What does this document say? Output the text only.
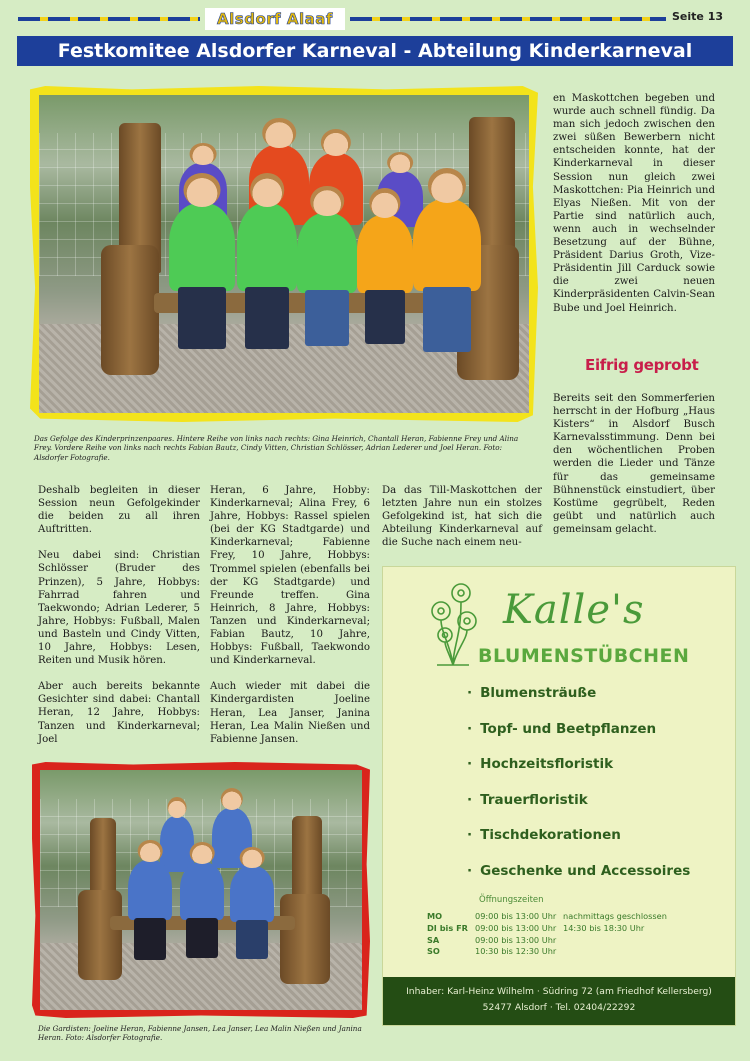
Alsdorf Alaaf	Seite 13
Festkomitee Alsdorfer Karneval - Abteilung Kinderkarneval
Das Gefolge des Kinderprinzenpaares. Hintere Reihe von links nach rechts: Gina Heinrich, Chantall Heran, Fabienne Frey und Alina Frey. Vordere Reihe von links nach rechts Fabian Bautz, Cindy Vitten, Christian Schlösser, Adrian Lederer und Joel Heran. Foto: Alsdorfer Fotografie.

Deshalb begleiten in dieser Session neun Gefolgekinder die beiden zu all ihren Auftritten.

Neu dabei sind: Christian Schlösser (Bruder des Prinzen), 5 Jahre, Hobbys: Fahrrad fahren und Taekwondo; Adrian Lederer, 5 Jahre, Hobbys: Fußball, Malen und Basteln und Cindy Vitten, 10 Jahre, Hobbys: Lesen, Reiten und Musik hören.

Aber auch bereits bekannte Gesichter sind dabei: Chantall Heran, 12 Jahre, Hobbys: Tanzen und Kinderkarneval; Joel

Heran, 6 Jahre, Hobby: Kinderkarneval; Alina Frey, 6 Jahre, Hobbys: Rassel spielen (bei der KG Stadtgarde) und Kinderkarneval; Fabienne Frey, 10 Jahre, Hobbys: Trommel spielen (ebenfalls bei der KG Stadtgarde) und Freunde treffen. Gina Heinrich, 8 Jahre, Hobbys: Tanzen und Kinderkarneval; Fabian Bautz, 10 Jahre, Hobbys: Fußball, Taekwondo und Kinderkarneval.

Auch wieder mit dabei die Kindergardisten Joeline Heran, Lea Janser, Janina Heran, Lea Malin Nießen und Fabienne Jansen.

Da das Till-Maskottchen der letzten Jahre nun ein stolzes Gefolgekind ist, hat sich die Abteilung Kinderkarneval auf die Suche nach einem neu-

en Maskottchen begeben und wurde auch schnell fündig. Da man sich jedoch zwischen den zwei süßen Bewerbern nicht entscheiden konnte, hat der Kinderkarneval in dieser Session nun gleich zwei Maskottchen: Pia Heinrich und Elyas Nießen. Mit von der Partie sind natürlich auch, wenn auch in wechselnder Besetzung auf der Bühne, Präsident Darius Groth, Vize-Präsidentin Jill Carduck sowie die zwei neuen Kinderpräsidenten Calvin-Sean Bube und Joel Heinrich.

Eifrig geprobt

Bereits seit den Sommerferien herrscht in der Hofburg „Haus Kisters“ in Alsdorf Busch Karnevalsstimmung. Denn bei den wöchentlichen Proben werden die Lieder und Tänze für das gemeinsame Bühnenstück einstudiert, über Kostüme gegrübelt, Reden geübt und natürlich auch gemeinsam gelacht.

Die Gardisten: Joeline Heran, Fabienne Jansen, Lea Janser, Lea Malin Nießen und Janina Heran. Foto: Alsdorfer Fotografie.
Kalle's
BLUMENSTÜBCHEN
· Blumensträuße
· Topf- und Beetpflanzen
· Hochzeitsfloristik
· Trauerfloristik
· Tischdekorationen
· Geschenke und Accessoires
Öffnungszeiten
MO	09:00 bis 13:00 Uhr nachmittags geschlossen
DI bis FR 09:00 bis 13:00 Uhr 14:30 bis 18:30 Uhr
SA	09:00 bis 13:00 Uhr
SO	10:30 bis 12:30 Uhr
Inhaber: Karl-Heinz Wilhelm · Südring 72 (am Friedhof Kellersberg)
52477 Alsdorf · Tel. 02404/22292
